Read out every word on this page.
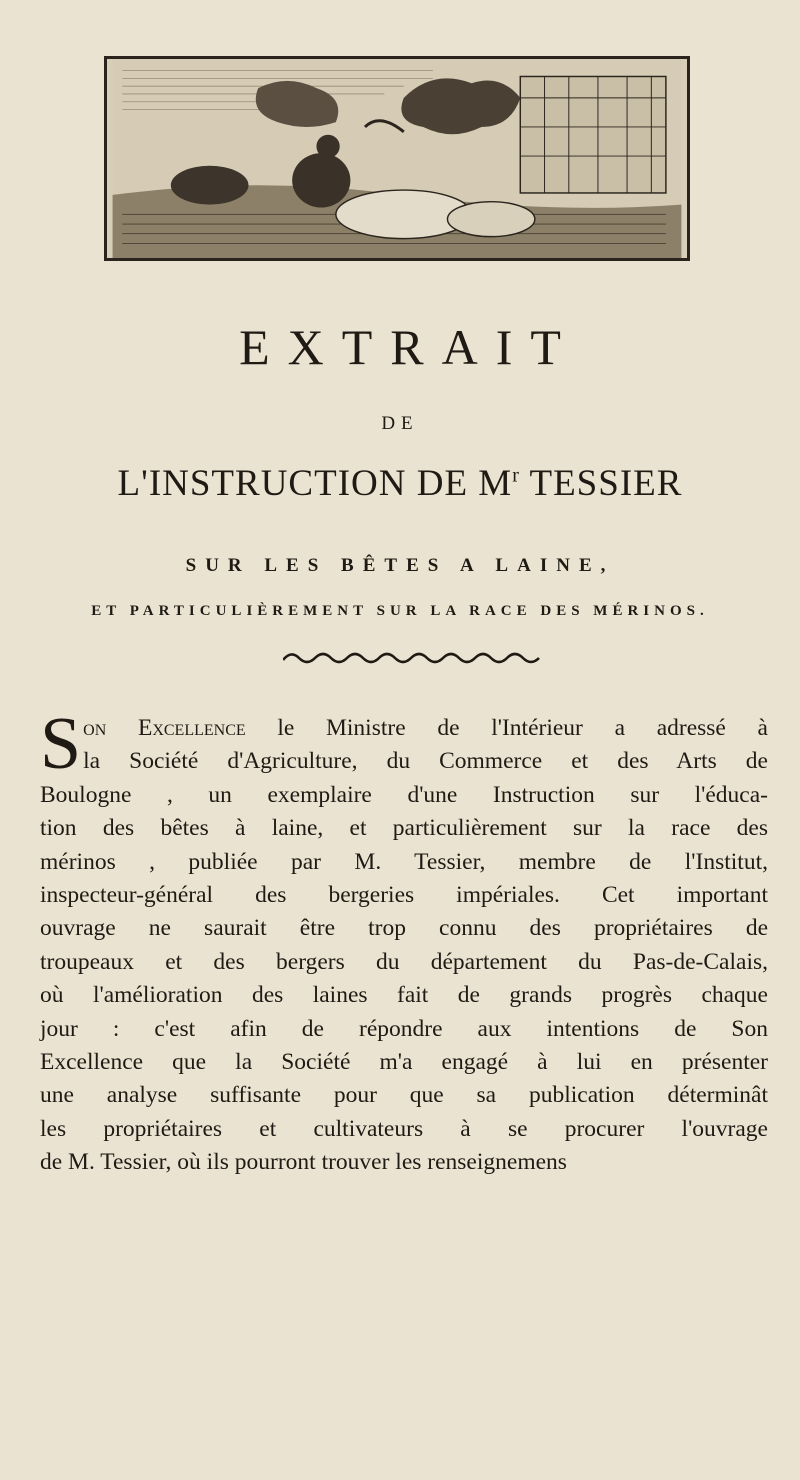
EXTRAIT
DE
L'INSTRUCTION DE $M^r$ TESSIER
SUR LES BÊTES A LAINE,
ET PARTICULIÈREMENT SUR LA RACE DES MÉRINOS.
S on Excellence le Ministre de l'Intérieur a adressé à
la Société d'Agriculture, du Commerce et des Arts de
Boulogne , un exemplaire d'une Instruction sur l'éduca-
tion des bêtes à laine, et particulièrement sur la race des
mérinos , publiée par M. Tessier, membre de l'Institut,
inspecteur-général des bergeries impériales. Cet important
ouvrage ne saurait être trop connu des propriétaires de
troupeaux et des bergers du département du Pas-de-Calais,
où l'amélioration des laines fait de grands progrès chaque
jour : c'est afin de répondre aux intentions de Son
Excellence que la Société m'a engagé à lui en présenter
une analyse suffisante pour que sa publication déterminât
les propriétaires et cultivateurs à se procurer l'ouvrage
de M. Tessier, où ils pourront trouver les renseignemens
